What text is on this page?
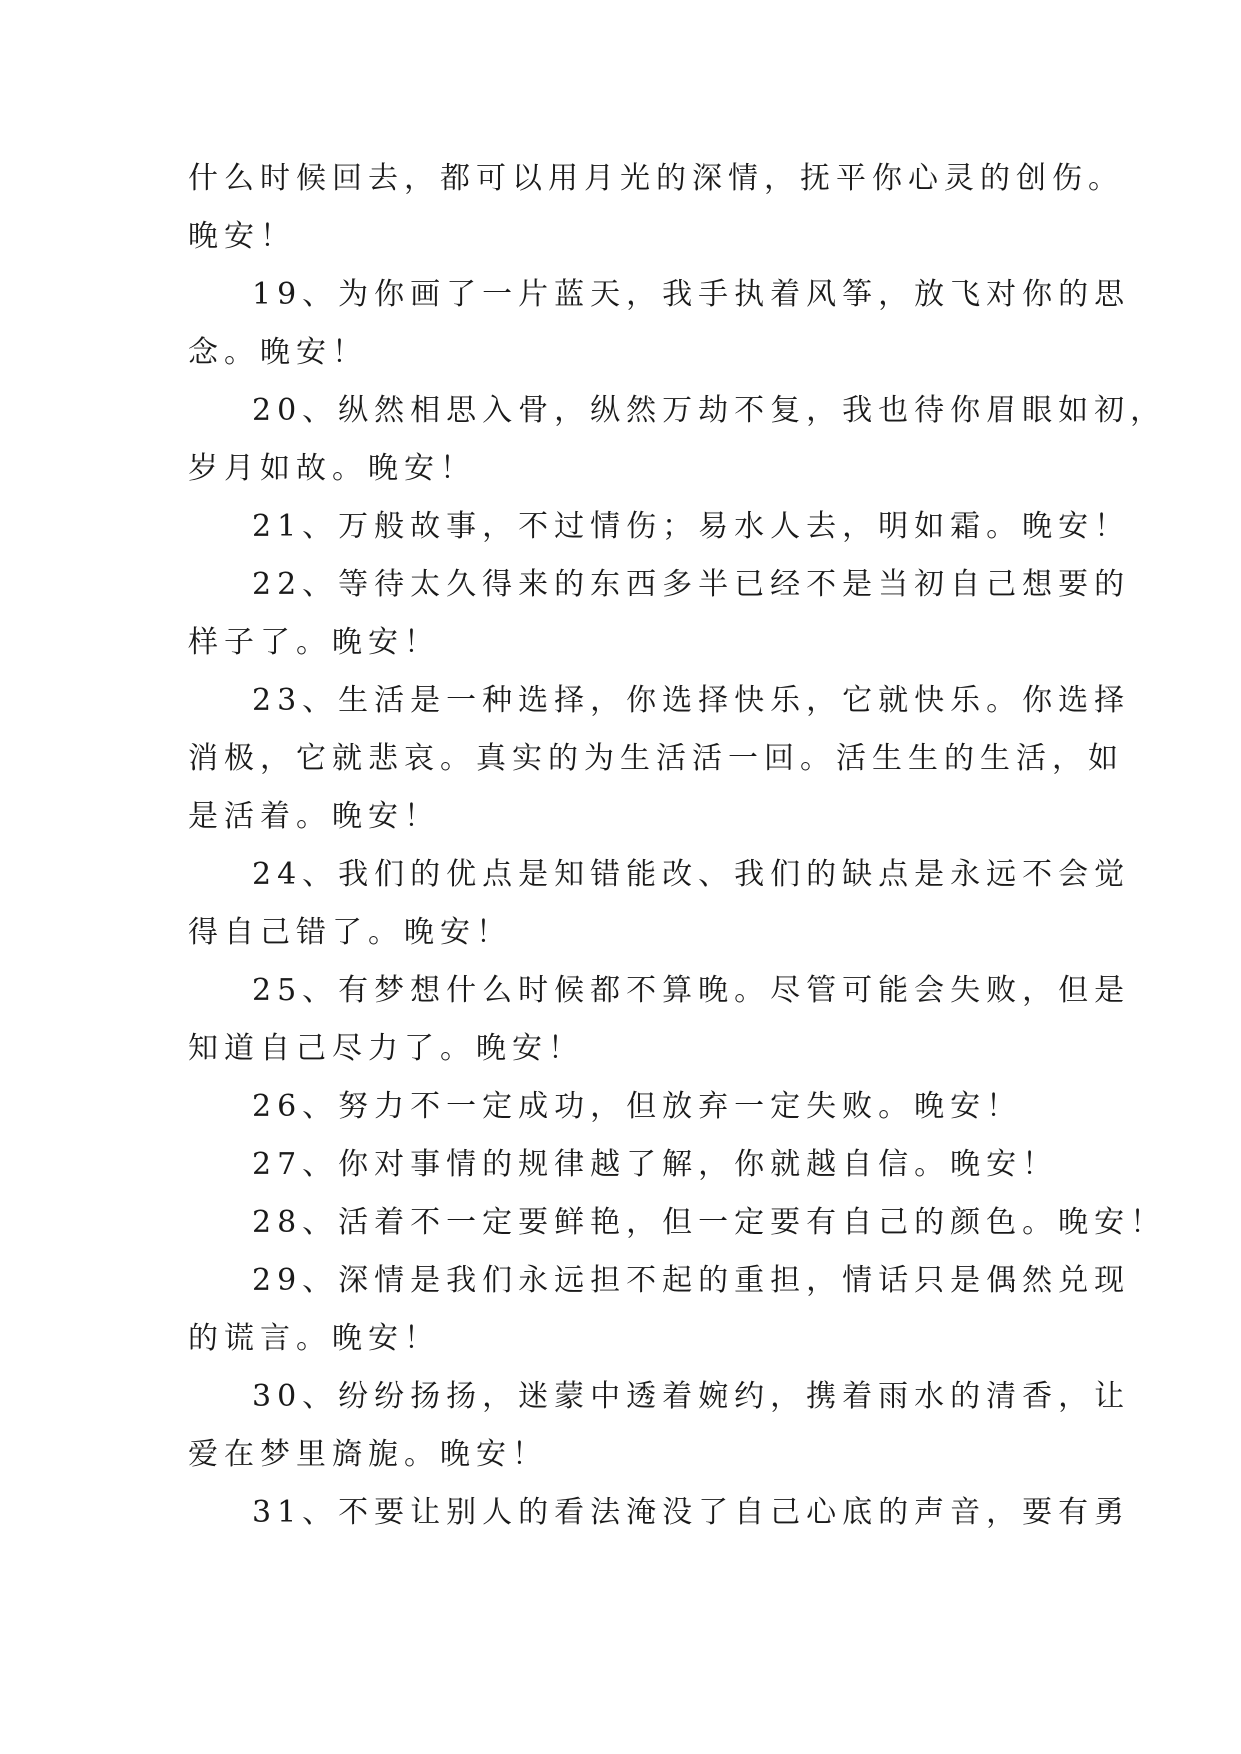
什么时候回去，都可以用月光的深情，抚平你心灵的创伤。
晚安！
19、为你画了一片蓝天，我手执着风筝，放飞对你的思
念。晚安！
20、纵然相思入骨，纵然万劫不复，我也待你眉眼如初，
岁月如故。晚安！
21、万般故事，不过情伤；易水人去，明如霜。晚安！
22、等待太久得来的东西多半已经不是当初自己想要的
样子了。晚安！
23、生活是一种选择，你选择快乐，它就快乐。你选择
消极，它就悲哀。真实的为生活活一回。活生生的生活，如
是活着。晚安！
24、我们的优点是知错能改、我们的缺点是永远不会觉
得自己错了。晚安！
25、有梦想什么时候都不算晚。尽管可能会失败，但是
知道自己尽力了。晚安！
26、努力不一定成功，但放弃一定失败。晚安！
27、你对事情的规律越了解，你就越自信。晚安！
28、活着不一定要鲜艳，但一定要有自己的颜色。晚安！
29、深情是我们永远担不起的重担，情话只是偶然兑现
的谎言。晚安！
30、纷纷扬扬，迷蒙中透着婉约，携着雨水的清香，让
爱在梦里旖旎。晚安！
31、不要让别人的看法淹没了自己心底的声音，要有勇
